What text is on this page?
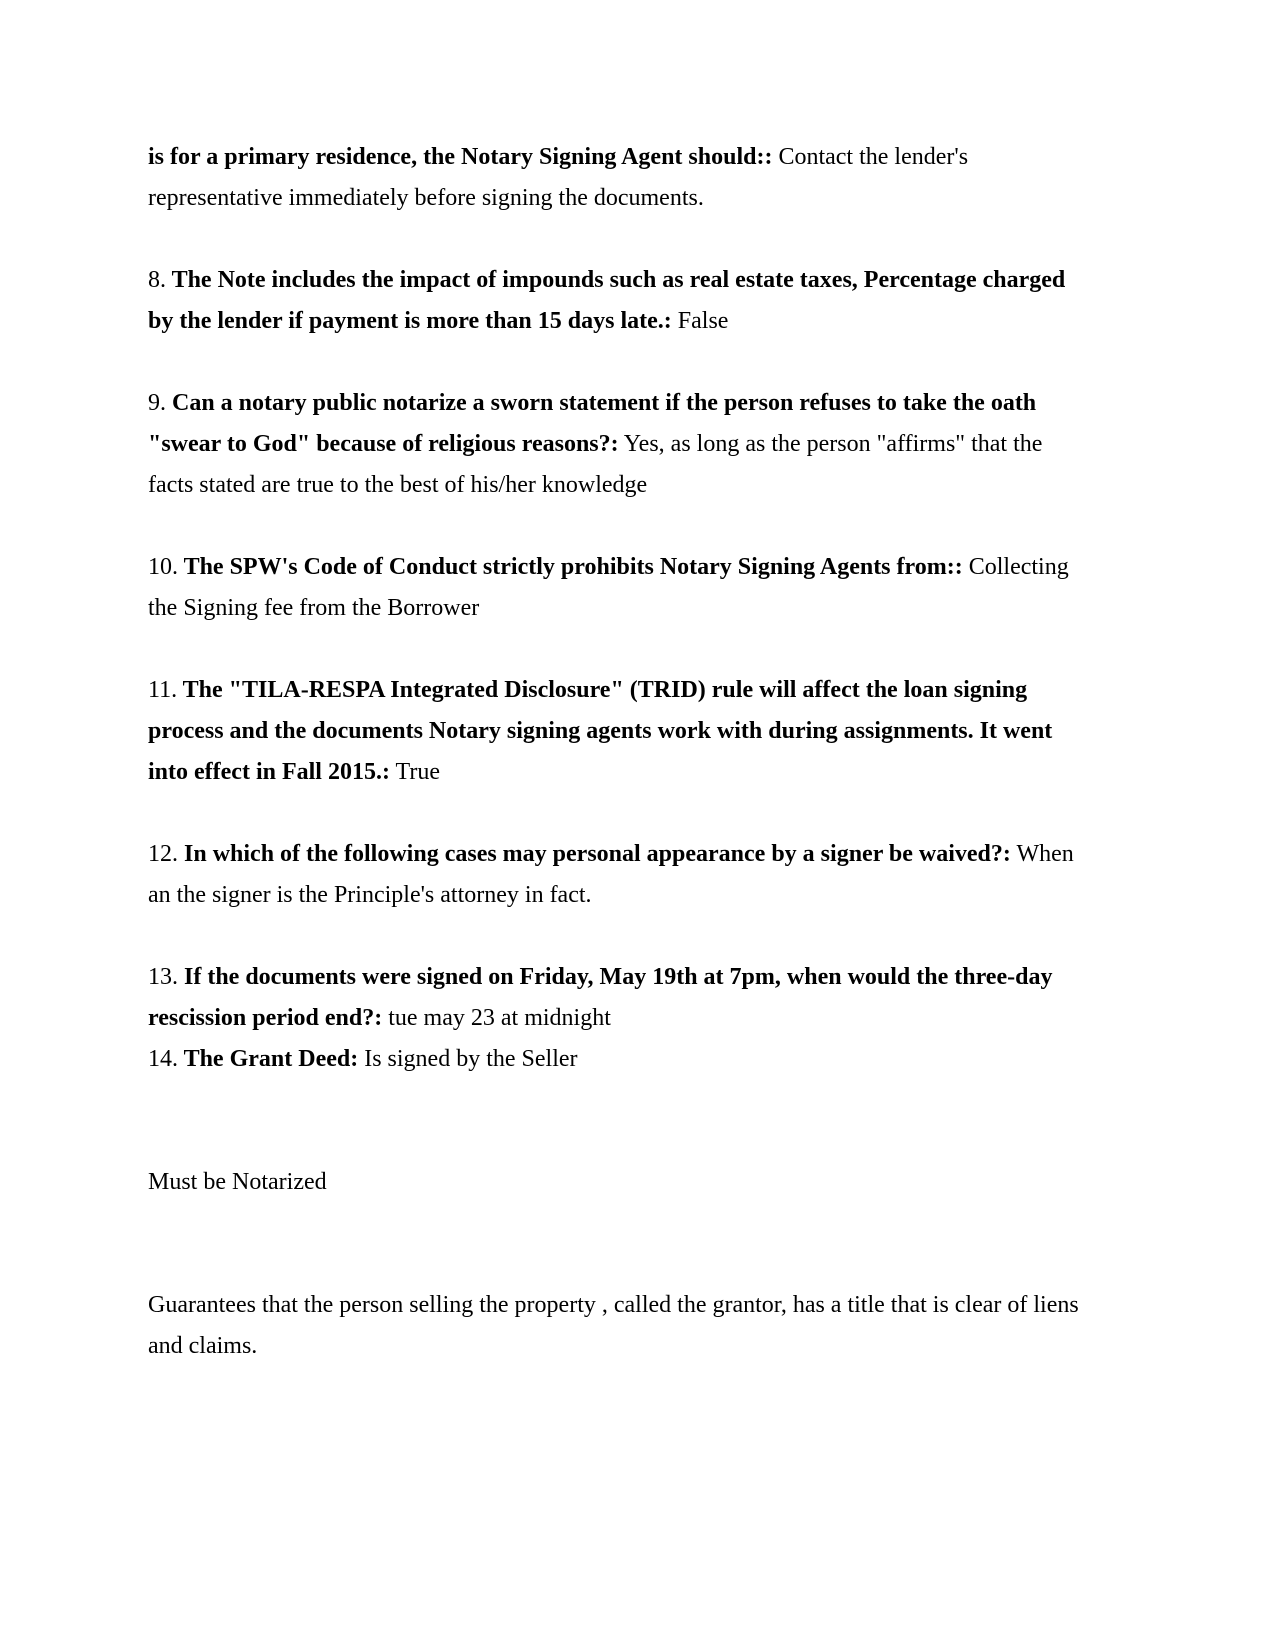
is for a primary residence, the Notary Signing Agent should:: Contact the lender's
representative immediately before signing the documents.
8. The Note includes the impact of impounds such as real estate taxes, Percentage charged
by the lender if payment is more than 15 days late.: False
9. Can a notary public notarize a sworn statement if the person refuses to take the oath
"swear to God" because of religious reasons?: Yes, as long as the person "affirms" that the
facts stated are true to the best of his/her knowledge
10. The SPW's Code of Conduct strictly prohibits Notary Signing Agents from:: Collecting
the Signing fee from the Borrower
11. The "TILA-RESPA Integrated Disclosure" (TRID) rule will affect the loan signing
process and the documents Notary signing agents work with during assignments. It went
into effect in Fall 2015.: True
12. In which of the following cases may personal appearance by a signer be waived?: When
an the signer is the Principle's attorney in fact.
13. If the documents were signed on Friday, May 19th at 7pm, when would the three-day
rescission period end?: tue may 23 at midnight
14. The Grant Deed: Is signed by the Seller
Must be Notarized
Guarantees that the person selling the property , called the grantor, has a title that is clear of liens
and claims.
